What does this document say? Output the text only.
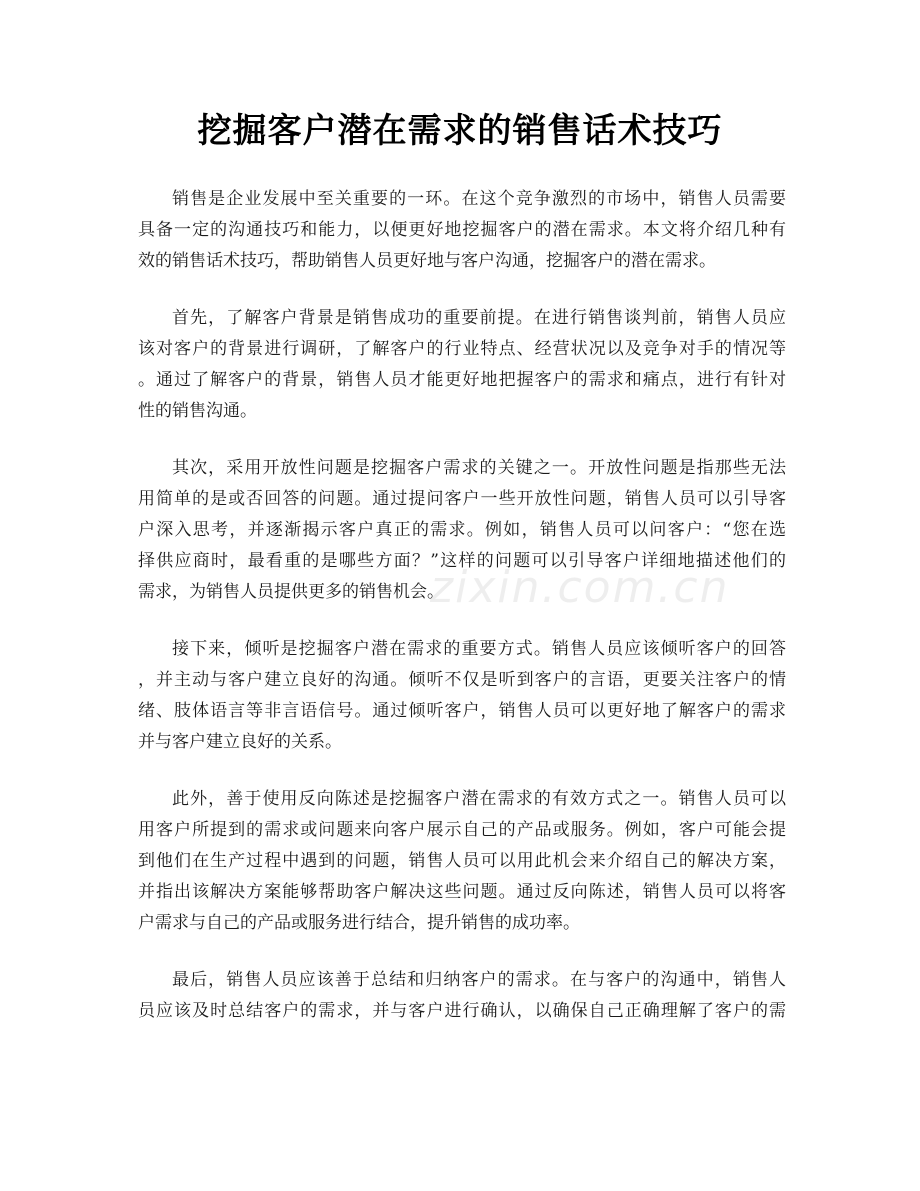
挖掘客户潜在需求的销售话术技巧
zixin.com.cn
销售是企业发展中至关重要的一环。在这个竞争激烈的市场中，销售人员需要
具备一定的沟通技巧和能力，以便更好地挖掘客户的潜在需求。本文将介绍几种有
效的销售话术技巧，帮助销售人员更好地与客户沟通，挖掘客户的潜在需求。
首先，了解客户背景是销售成功的重要前提。在进行销售谈判前，销售人员应
该对客户的背景进行调研，了解客户的行业特点、经营状况以及竞争对手的情况等
。通过了解客户的背景，销售人员才能更好地把握客户的需求和痛点，进行有针对
性的销售沟通。
其次，采用开放性问题是挖掘客户需求的关键之一。开放性问题是指那些无法
用简单的是或否回答的问题。通过提问客户一些开放性问题，销售人员可以引导客
户深入思考，并逐渐揭示客户真正的需求。例如，销售人员可以问客户：“您在选
择供应商时，最看重的是哪些方面？”这样的问题可以引导客户详细地描述他们的
需求，为销售人员提供更多的销售机会。
接下来，倾听是挖掘客户潜在需求的重要方式。销售人员应该倾听客户的回答
，并主动与客户建立良好的沟通。倾听不仅是听到客户的言语，更要关注客户的情
绪、肢体语言等非言语信号。通过倾听客户，销售人员可以更好地了解客户的需求
并与客户建立良好的关系。
此外，善于使用反向陈述是挖掘客户潜在需求的有效方式之一。销售人员可以
用客户所提到的需求或问题来向客户展示自己的产品或服务。例如，客户可能会提
到他们在生产过程中遇到的问题，销售人员可以用此机会来介绍自己的解决方案，
并指出该解决方案能够帮助客户解决这些问题。通过反向陈述，销售人员可以将客
户需求与自己的产品或服务进行结合，提升销售的成功率。
最后，销售人员应该善于总结和归纳客户的需求。在与客户的沟通中，销售人
员应该及时总结客户的需求，并与客户进行确认，以确保自己正确理解了客户的需
